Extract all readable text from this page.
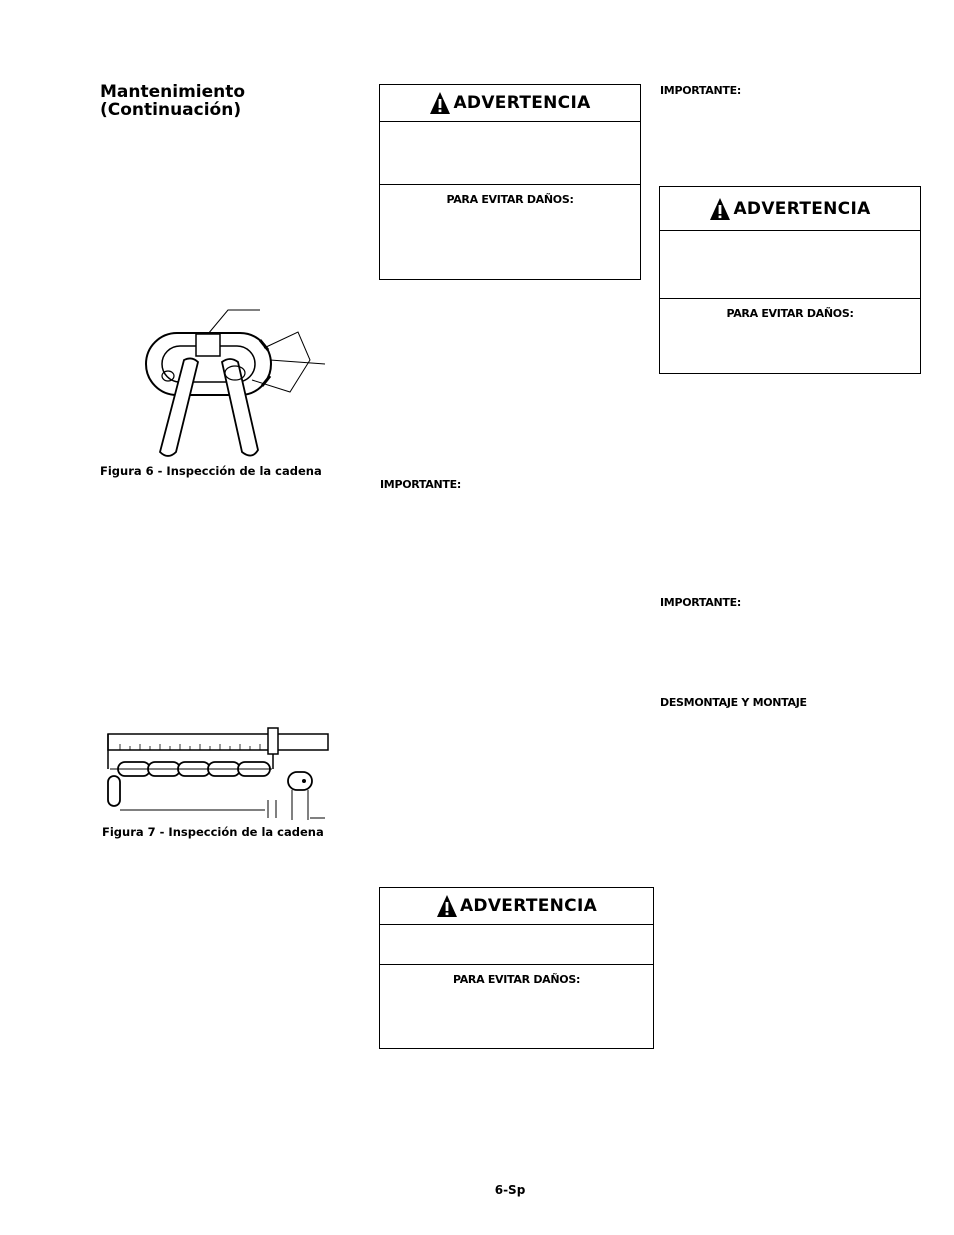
Mantenimiento
(Continuación)
Figura 6 - Inspección de la cadena
Figura 7 - Inspección de la cadena
ADVERTENCIA
PARA EVITAR DAÑOS:	ADVERTENCIA
PARA EVITAR DAÑOS:
ADVERTENCIA
PARA EVITAR DAÑOS:
IMPORTANTE:
IMPORTANTE:
IMPORTANTE:
DESMONTAJE Y MONTAJE
6-Sp
